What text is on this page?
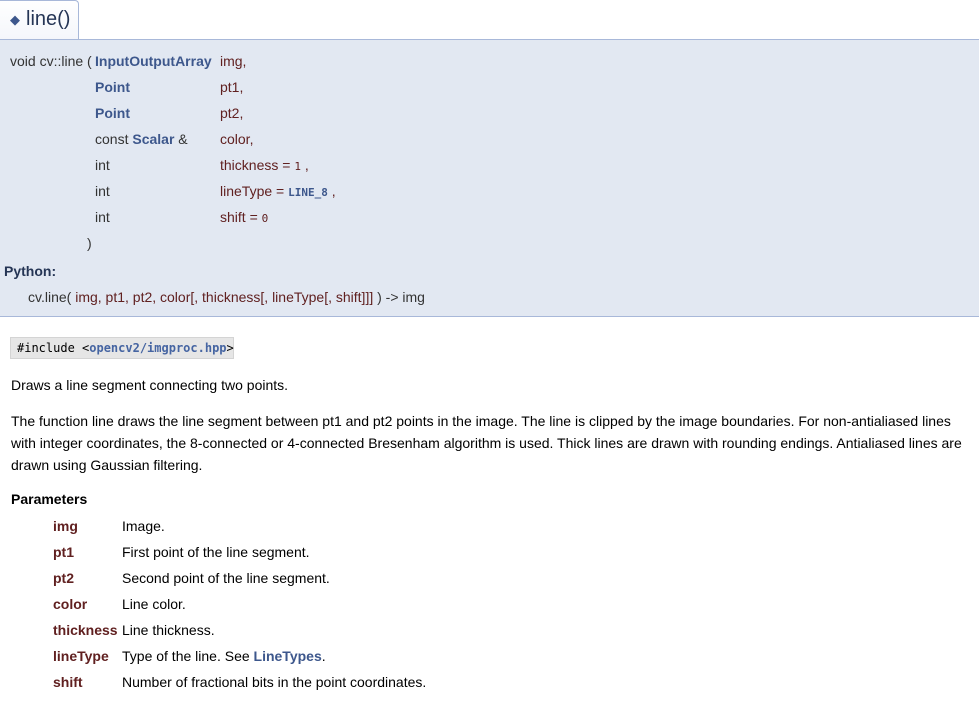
◆ line()
void cv::line ( InputOutputArray img,
Point	pt1,
Point	pt2,
const Scalar & color,
int	thickness = 1 ,
int	lineType = LINE_8 ,
int	shift = 0
)
Python:
cv.line( img, pt1, pt2, color[, thickness[, lineType[, shift]]] ) -> img
#include <opencv2/imgproc.hpp>
Draws a line segment connecting two points.
The function line draws the line segment between pt1 and pt2 points in the image. The line is clipped by the image boundaries. For non-antialiased lines
with integer coordinates, the 8-connected or 4-connected Bresenham algorithm is used. Thick lines are drawn with rounding endings. Antialiased lines are
drawn using Gaussian filtering.
Parameters
img	Image.
pt1	First point of the line segment.
pt2	Second point of the line segment.
color Line color.
thickness Line thickness.
lineType Type of the line. See LineTypes.
shift	Number of fractional bits in the point coordinates.
